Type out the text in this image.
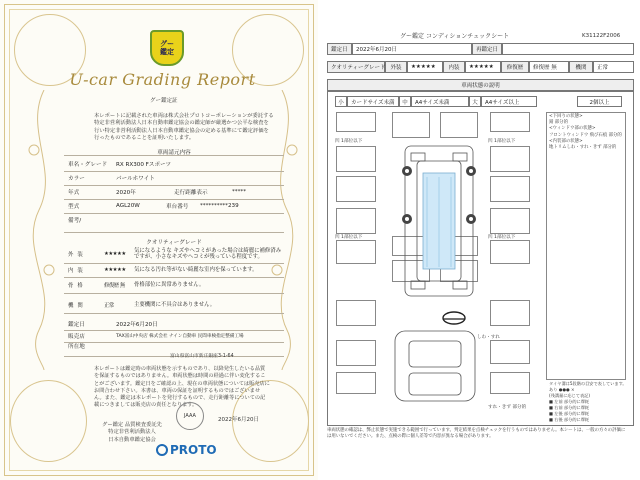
グー
鑑定
U-car Grading Report
グー鑑定証
本レポートに記載された車両は株式会社プロトコーポレーションが委託する特定非営利活動法人日本自動車鑑定協会の鑑定師が厳選かつ公平な検査を行い特定非営利活動法人日本自動車鑑定協会の定める基準にて鑑定評価を行ったものであることを証明いたします。
車両請元内容
車名・グレード	RX RX300 Fスポーツ
カラー	パールホワイト
年式	2020年	走行距離表示	*****
型式	AGL20W	車台番号	**********239
備考/
クオリティーグレード
外装	★★★★★
気になるような キズやヘコミがあった場合は綺麗に補修済みですが、小さなキズやヘコミが残っている程度です。
内装	★★★★★	気になる汚れ等がない綺麗な室内を保っています。
骨格	修復歴 無	骨格部位に異常ありません。
機関	正常	主要機関に不具合はありません。
鑑定日	2022年6月20日
販売店	TAX富山中央店 株式会社 ナイン自動車 民間車検指定整備工場
所在地
富山県富山市新庄銀座3-1-64
本レポートは鑑定時の車両状態を示すものであり、以降発生したいる品質を保証するものではありません。車両状態は時間の経過に伴い変化することがございます。鑑定日をご確認の上、現在の車両状態については販売店にお問合わせ下さい。本書は、車両の保証を証明するものではございません。また、鑑定は本レポートを発行するもので、走行距離等についての記載につきましては販売店の責任となります。
2022年6月20日
グー鑑定 品質検査委託先
特定非営利活動法人
日本自動車鑑定協会
JAAA
PROTO
グー鑑定 コンディションチェックシート	K31122F2006
鑑定日	2022年6月20日	再鑑定日
クオリティーグレード 外装	★★★★★	内装	★★★★★	修復歴	修復歴 無	機関	正常
車両状態の説明
小	カードサイズ未満	中	A4サイズ未満	大	A4サイズ以上	2個以上
<下回りの状態>
錆 部分的
<ウィンドウ部の状態>
フロントウィンドウ 飛び石痕 部分的
<内装部の状態>
地トリムしわ・すれ・きず 部分的
タイヤ溝は5段階の目安で表しています。
あり ●●● ×
(残溝量に応じて表記)
■ 左前 部分的に摩耗
■ 右前 部分的に摩耗
■ 左後 部分的に摩耗
■ 右後 部分的に摩耗
凹 1部位以下	凹 1部位以下
凹 1部位以下	凹 1部位以下
しわ・すれ
すれ・きず 部分的
車両状態の確認は、弊止状態で実施できる範囲で行っています。判定結果を点検チェックを行うものではありません。本シートは、一般の方々の評価には用いないでください。また、点検の際に個人差等で内容が異なる場合があります。
